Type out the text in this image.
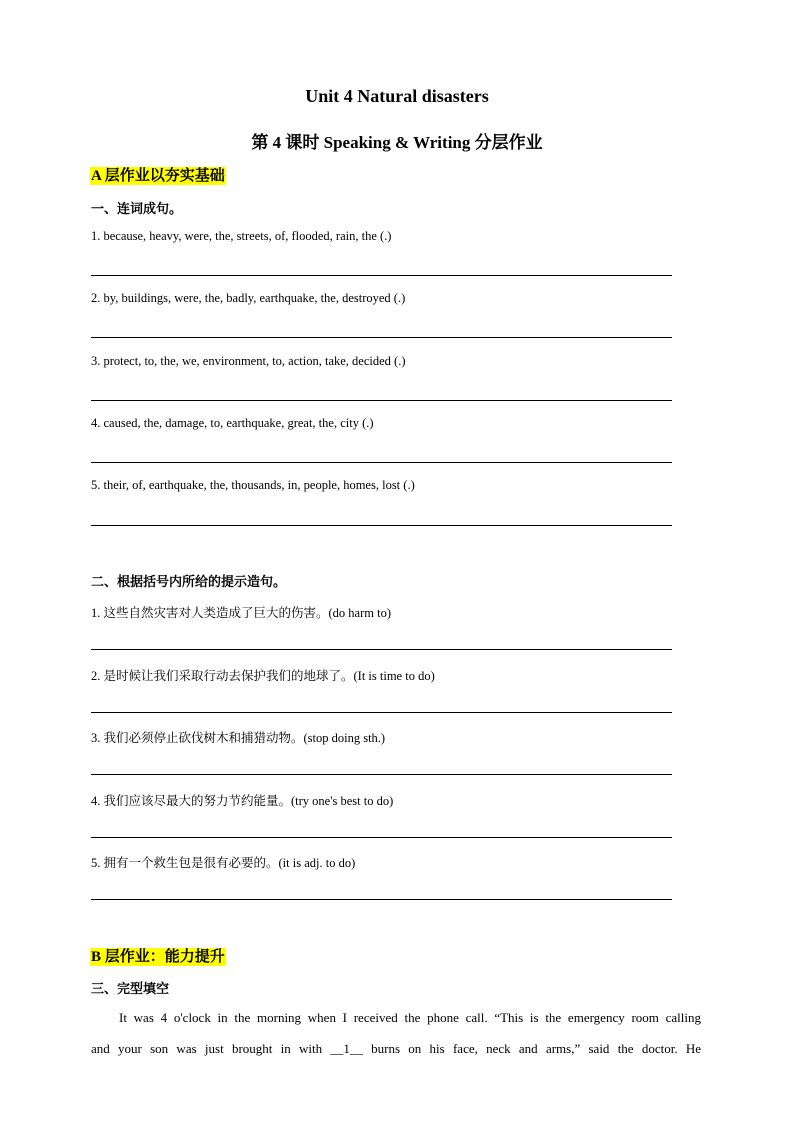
Unit 4 Natural disasters
第 4 课时 Speaking & Writing 分层作业
A 层作业以夯实基础
一、连词成句。
1. because, heavy, were, the, streets, of, flooded, rain, the (.)
2. by, buildings, were, the, badly, earthquake, the, destroyed (.)
3. protect, to, the, we, environment, to, action, take, decided (.)
4. caused, the, damage, to, earthquake, great, the, city (.)
5. their, of, earthquake, the, thousands, in, people, homes, lost (.)
二、根据括号内所给的提示造句。
1. 这些自然灾害对人类造成了巨大的伤害。(do harm to)
2. 是时候让我们采取行动去保护我们的地球了。(It is time to do)
3. 我们必须停止砍伐树木和捕猎动物。(stop doing sth.)
4. 我们应该尽最大的努力节约能量。(try one's best to do)
5. 拥有一个救生包是很有必要的。(it is adj. to do)
B 层作业：能力提升
三、完型填空
It was 4 o'clock in the morning when I received the phone call. “This is the emergency room calling
and your son was just brought in with __1__ burns on his face, neck and arms,” said the doctor. He
